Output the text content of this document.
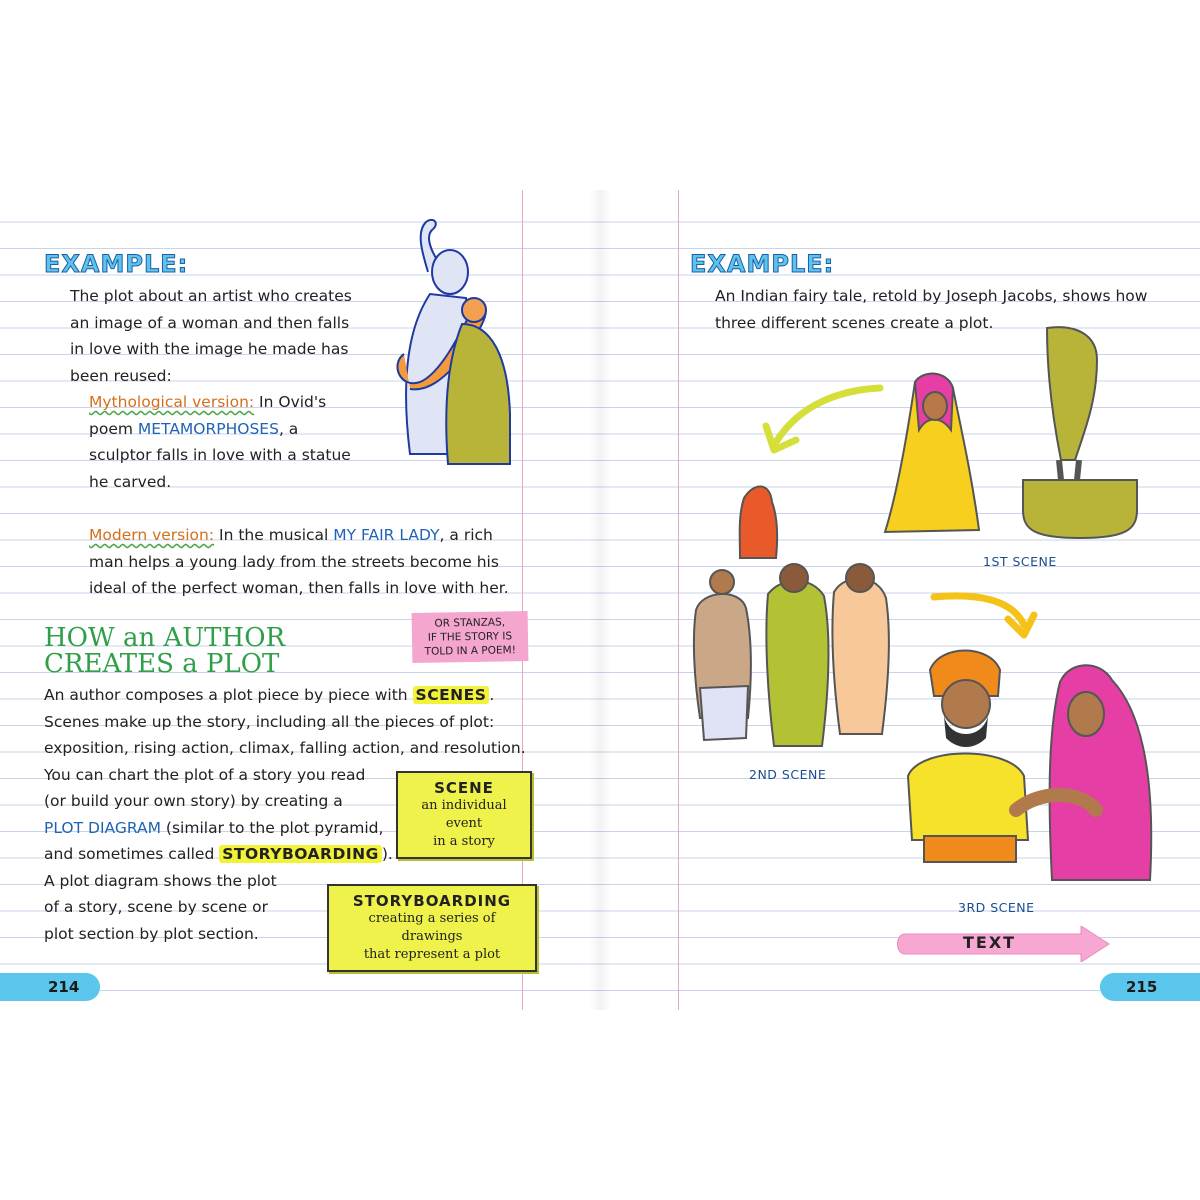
EXAMPLE:
The plot about an artist who creates
an image of a woman and then falls
in love with the image he made has
been reused:
Mythological version: In Ovid's
poem METAMORPHOSES, a
sculptor falls in love with a statue
he carved.
Modern version: In the musical MY FAIR LADY, a rich
man helps a young lady from the streets become his
ideal of the perfect woman, then falls in love with her.
HOW an AUTHOR
CREATES a PLOT
OR STANZAS,
IF THE STORY IS
TOLD IN A POEM!
An author composes a plot piece by piece with SCENES .
Scenes make up the story, including all the pieces of plot:
exposition, rising action, climax, falling action, and resolution.
You can chart the plot of a story you read
(or build your own story) by creating a
PLOT DIAGRAM (similar to the plot pyramid,
and sometimes called STORYBOARDING ).
A plot diagram shows the plot
of a story, scene by scene or
plot section by plot section.
SCENE
an individual event
in a story
STORYBOARDING
creating a series of drawings
that represent a plot
214
EXAMPLE:
An Indian fairy tale, retold by Joseph Jacobs, shows how
three different scenes create a plot.
1ST SCENE
2ND SCENE
3RD SCENE
TEXT
215
